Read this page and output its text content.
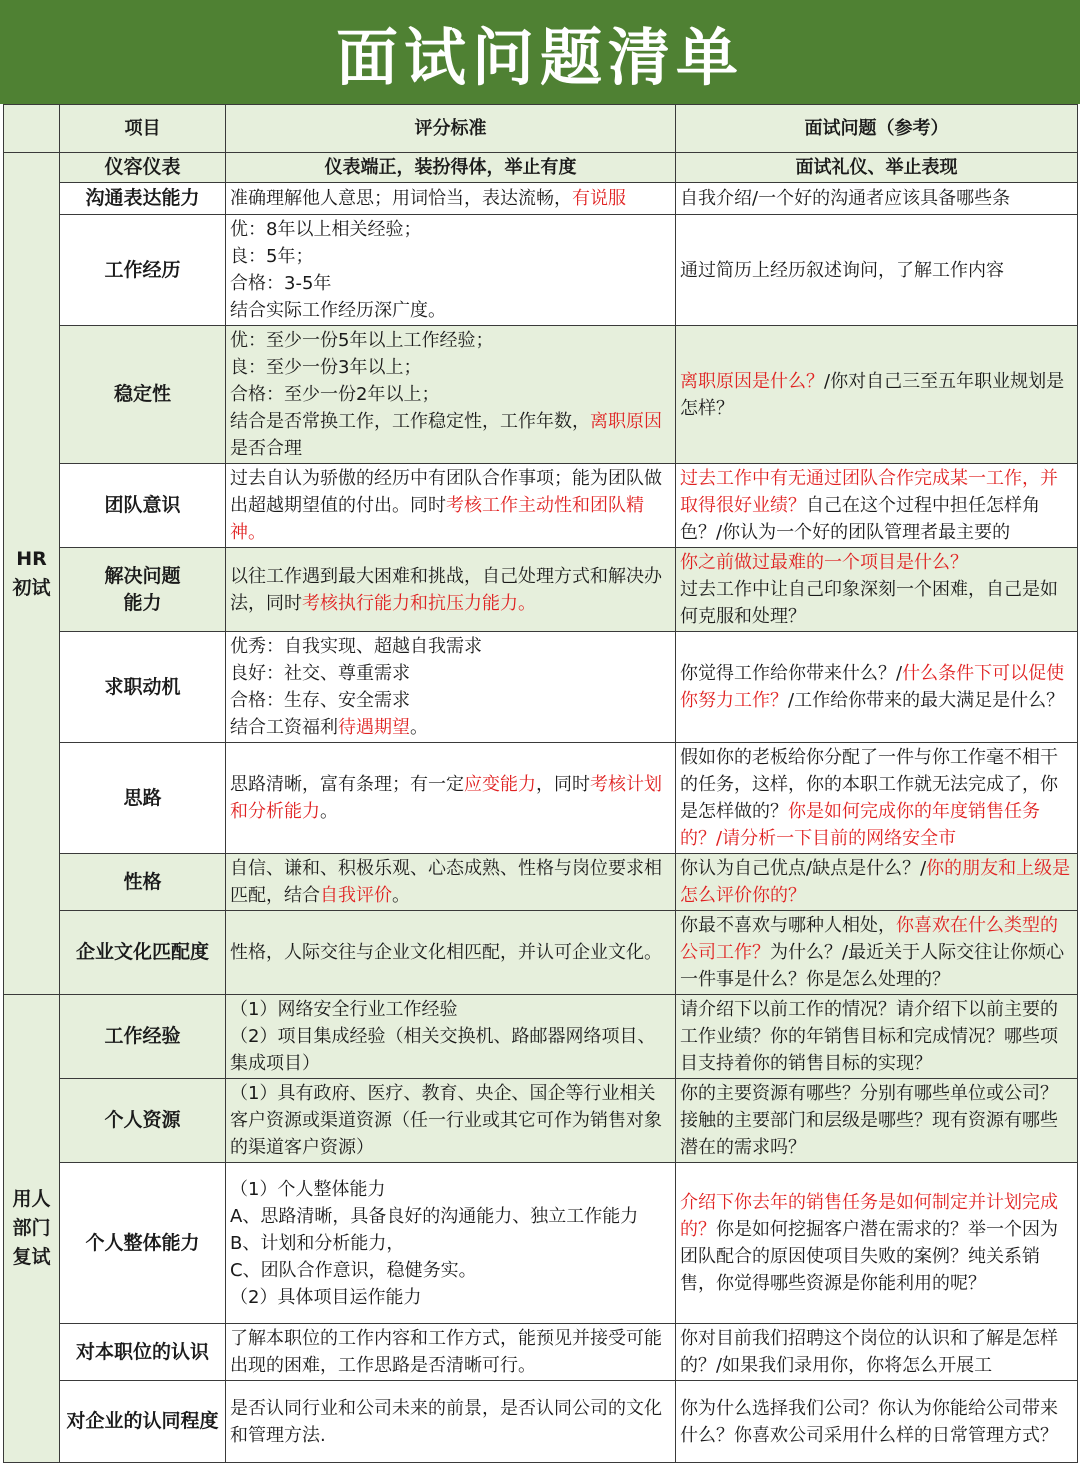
面试问题清单
	项目	评分标准	面试问题（参考）

HR
初试	仪容仪表	仪表端正，装扮得体，举止有度	面试礼仪、举止表现

	沟通表达能力	准确理解他人意思；用词恰当，表达流畅，有说服	自我介绍/一个好的沟通者应该具备哪些条

	工作经历	优：8年以上相关经验；
良：5年；
合格：3-5年
结合实际工作经历深广度。	通过简历上经历叙述询问，了解工作内容

	稳定性	优：至少一份5年以上工作经验；
良：至少一份3年以上；
合格：至少一份2年以上；
结合是否常换工作，工作稳定性，工作年数，离职原因是否合理	离职原因是什么？/你对自己三至五年职业规划是怎样？

	团队意识	过去自认为骄傲的经历中有团队合作事项；能为团队做出超越期望值的付出。同时考核工作主动性和团队精神。	过去工作中有无通过团队合作完成某一工作，并取得很好业绩？自己在这个过程中担任怎样角色？/你认为一个好的团队管理者最主要的

	解决问题
能力	以往工作遇到最大困难和挑战，自己处理方式和解决办法，同时考核执行能力和抗压力能力。	你之前做过最难的一个项目是什么？
过去工作中让自己印象深刻一个困难，自己是如何克服和处理？

	求职动机	优秀：自我实现、超越自我需求
良好：社交、尊重需求
合格：生存、安全需求
结合工资福利待遇期望。	你觉得工作给你带来什么？/什么条件下可以促使你努力工作？/工作给你带来的最大满足是什么？

	思路	思路清晰，富有条理；有一定应变能力，同时考核计划和分析能力。	假如你的老板给你分配了一件与你工作毫不相干的任务，这样，你的本职工作就无法完成了，你是怎样做的？你是如何完成你的年度销售任务的？/请分析一下目前的网络安全市

	性格	自信、谦和、积极乐观、心态成熟、性格与岗位要求相匹配，结合自我评价。	你认为自己优点/缺点是什么？/你的朋友和上级是怎么评价你的？

	企业文化匹配度	性格，人际交往与企业文化相匹配，并认可企业文化。	你最不喜欢与哪种人相处，你喜欢在什么类型的公司工作？为什么？/最近关于人际交往让你烦心一件事是什么？你是怎么处理的？

用人
部门
复试	工作经验	（1）网络安全行业工作经验
（2）项目集成经验（相关交换机、路邮器网络项目、集成项目）	请介绍下以前工作的情况？请介绍下以前主要的工作业绩？你的年销售目标和完成情况？哪些项目支持着你的销售目标的实现？

	个人资源	（1）具有政府、医疗、教育、央企、国企等行业相关客户资源或渠道资源（任一行业或其它可作为销售对象的渠道客户资源）	你的主要资源有哪些？分别有哪些单位或公司？接触的主要部门和层级是哪些？现有资源有哪些潜在的需求吗？

	个人整体能力	（1）个人整体能力
A、思路清晰，具备良好的沟通能力、独立工作能力
B、计划和分析能力，
C、团队合作意识，稳健务实。
（2）具体项目运作能力	介绍下你去年的销售任务是如何制定并计划完成的？你是如何挖掘客户潜在需求的？举一个因为团队配合的原因使项目失败的案例？纯关系销售，你觉得哪些资源是你能利用的呢？

	对本职位的认识	了解本职位的工作内容和工作方式，能预见并接受可能出现的困难，工作思路是否清晰可行。	你对目前我们招聘这个岗位的认识和了解是怎样的？/如果我们录用你，你将怎么开展工

	对企业的认同程度	是否认同行业和公司未来的前景，是否认同公司的文化和管理方法.	你为什么选择我们公司？你认为你能给公司带来什么？你喜欢公司采用什么样的日常管理方式？
